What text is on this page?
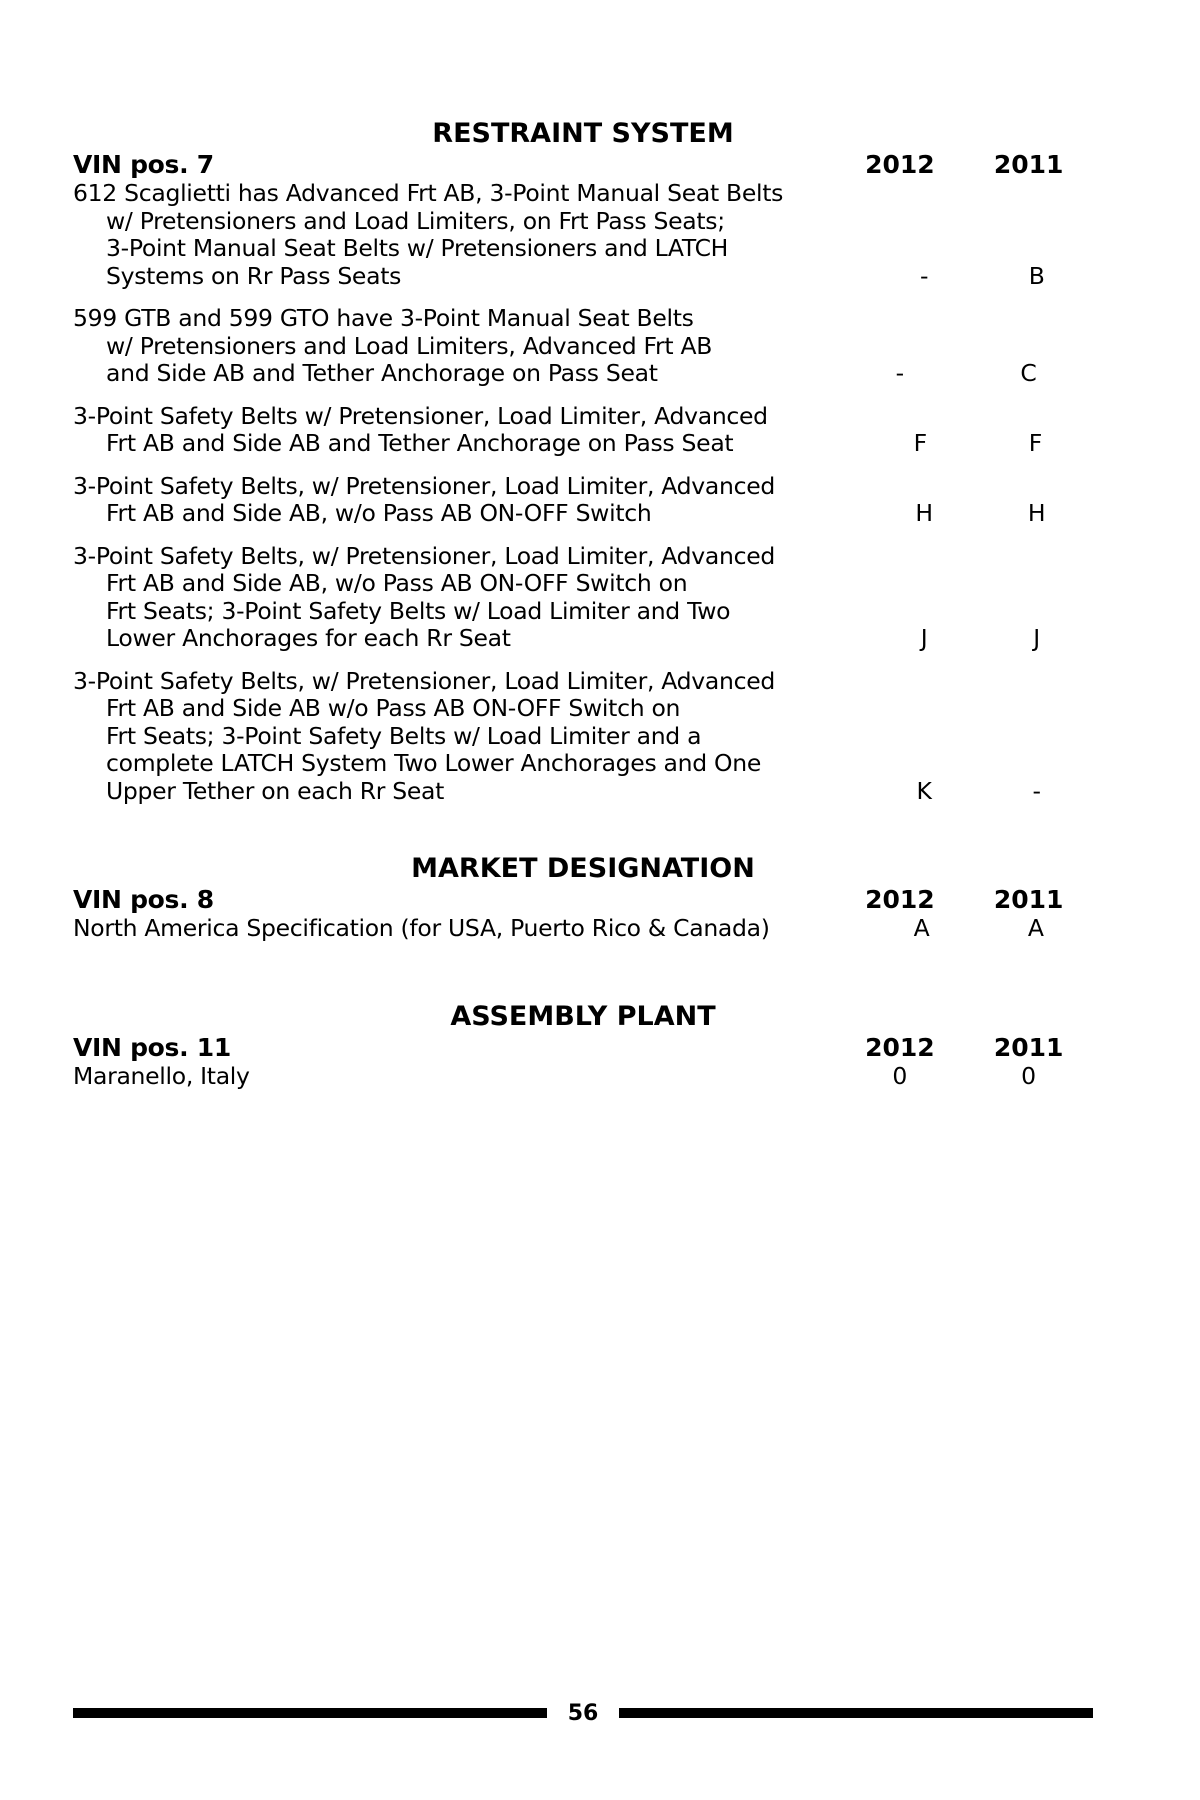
RESTRAINT SYSTEM
VIN pos. 7	2012	2011
612 Scaglietti has Advanced Frt AB, 3-Point Manual Seat Belts
w/ Pretensioners and Load Limiters, on Frt Pass Seats;
3-Point Manual Seat Belts w/ Pretensioners and LATCH
Systems on Rr Pass Seats	-	B
599 GTB and 599 GTO have 3-Point Manual Seat Belts
w/ Pretensioners and Load Limiters, Advanced Frt AB
and Side AB and Tether Anchorage on Pass Seat	-	C
3-Point Safety Belts w/ Pretensioner, Load Limiter, Advanced
Frt AB and Side AB and Tether Anchorage on Pass Seat	F	F
3-Point Safety Belts, w/ Pretensioner, Load Limiter, Advanced
Frt AB and Side AB, w/o Pass AB ON-OFF Switch	H	H
3-Point Safety Belts, w/ Pretensioner, Load Limiter, Advanced
Frt AB and Side AB, w/o Pass AB ON-OFF Switch on
Frt Seats; 3-Point Safety Belts w/ Load Limiter and Two
Lower Anchorages for each Rr Seat	J	J
3-Point Safety Belts, w/ Pretensioner, Load Limiter, Advanced
Frt AB and Side AB w/o Pass AB ON-OFF Switch on
Frt Seats; 3-Point Safety Belts w/ Load Limiter and a
complete LATCH System Two Lower Anchorages and One
Upper Tether on each Rr Seat	K	-
MARKET DESIGNATION
VIN pos. 8	2012	2011
North America Specification (for USA, Puerto Rico & Canada)	A	A
ASSEMBLY PLANT
VIN pos. 11	2012	2011
Maranello, Italy	0	0
56
